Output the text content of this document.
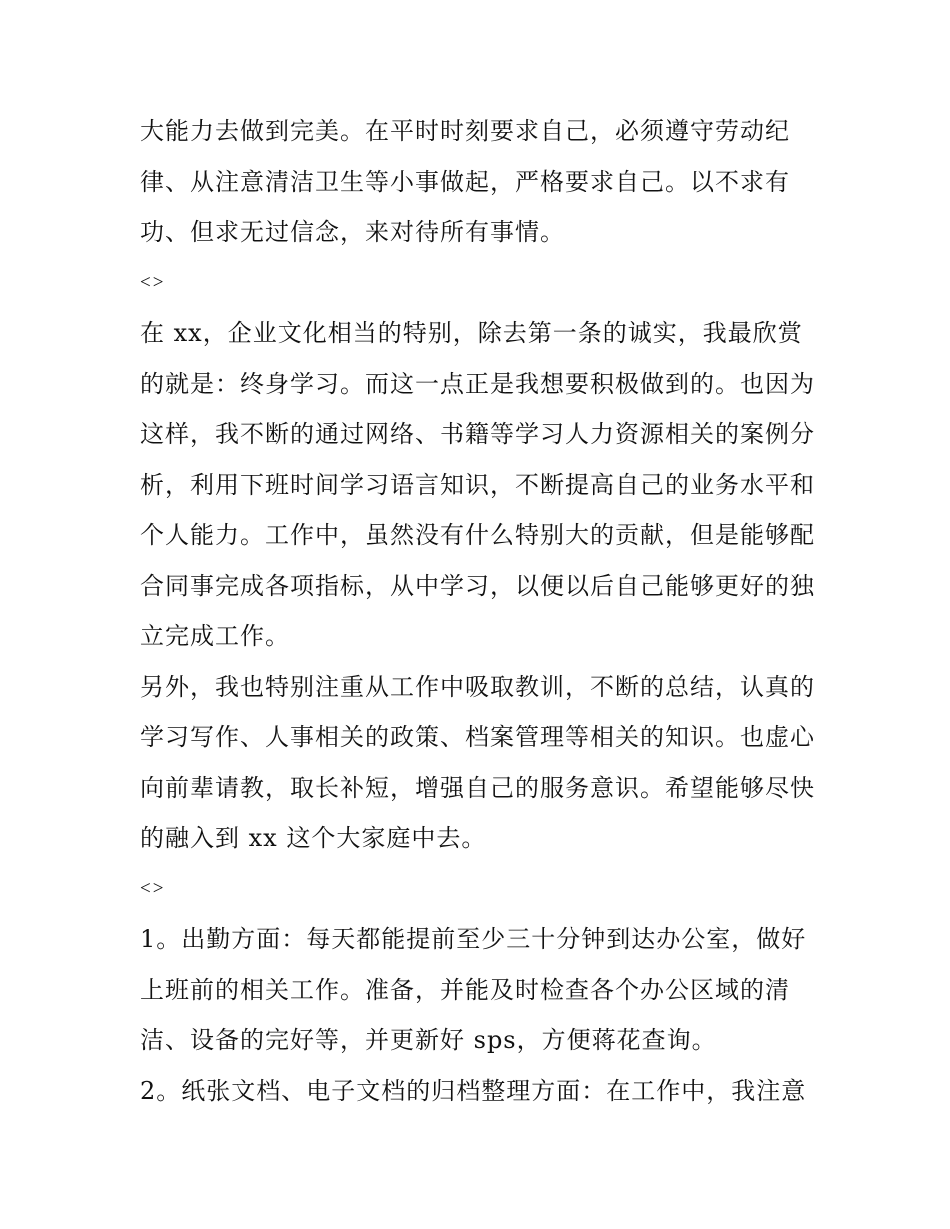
大能力去做到完美。在平时时刻要求自己，必须遵守劳动纪
律、从注意清洁卫生等小事做起，严格要求自己。以不求有
功、但求无过信念，来对待所有事情。
<>
在 xx，企业文化相当的特别，除去第一条的诚实，我最欣赏
的就是：终身学习。而这一点正是我想要积极做到的。也因为
这样，我不断的通过网络、书籍等学习人力资源相关的案例分
析，利用下班时间学习语言知识，不断提高自己的业务水平和
个人能力。工作中，虽然没有什么特别大的贡献，但是能够配
合同事完成各项指标，从中学习，以便以后自己能够更好的独
立完成工作。
另外，我也特别注重从工作中吸取教训，不断的总结，认真的
学习写作、人事相关的政策、档案管理等相关的知识。也虚心
向前辈请教，取长补短，增强自己的服务意识。希望能够尽快
的融入到 xx 这个大家庭中去。
<>
1。出勤方面：每天都能提前至少三十分钟到达办公室，做好
上班前的相关工作。准备，并能及时检查各个办公区域的清
洁、设备的完好等，并更新好 sps，方便蒋花查询。
2。纸张文档、电子文档的归档整理方面：在工作中，我注意
